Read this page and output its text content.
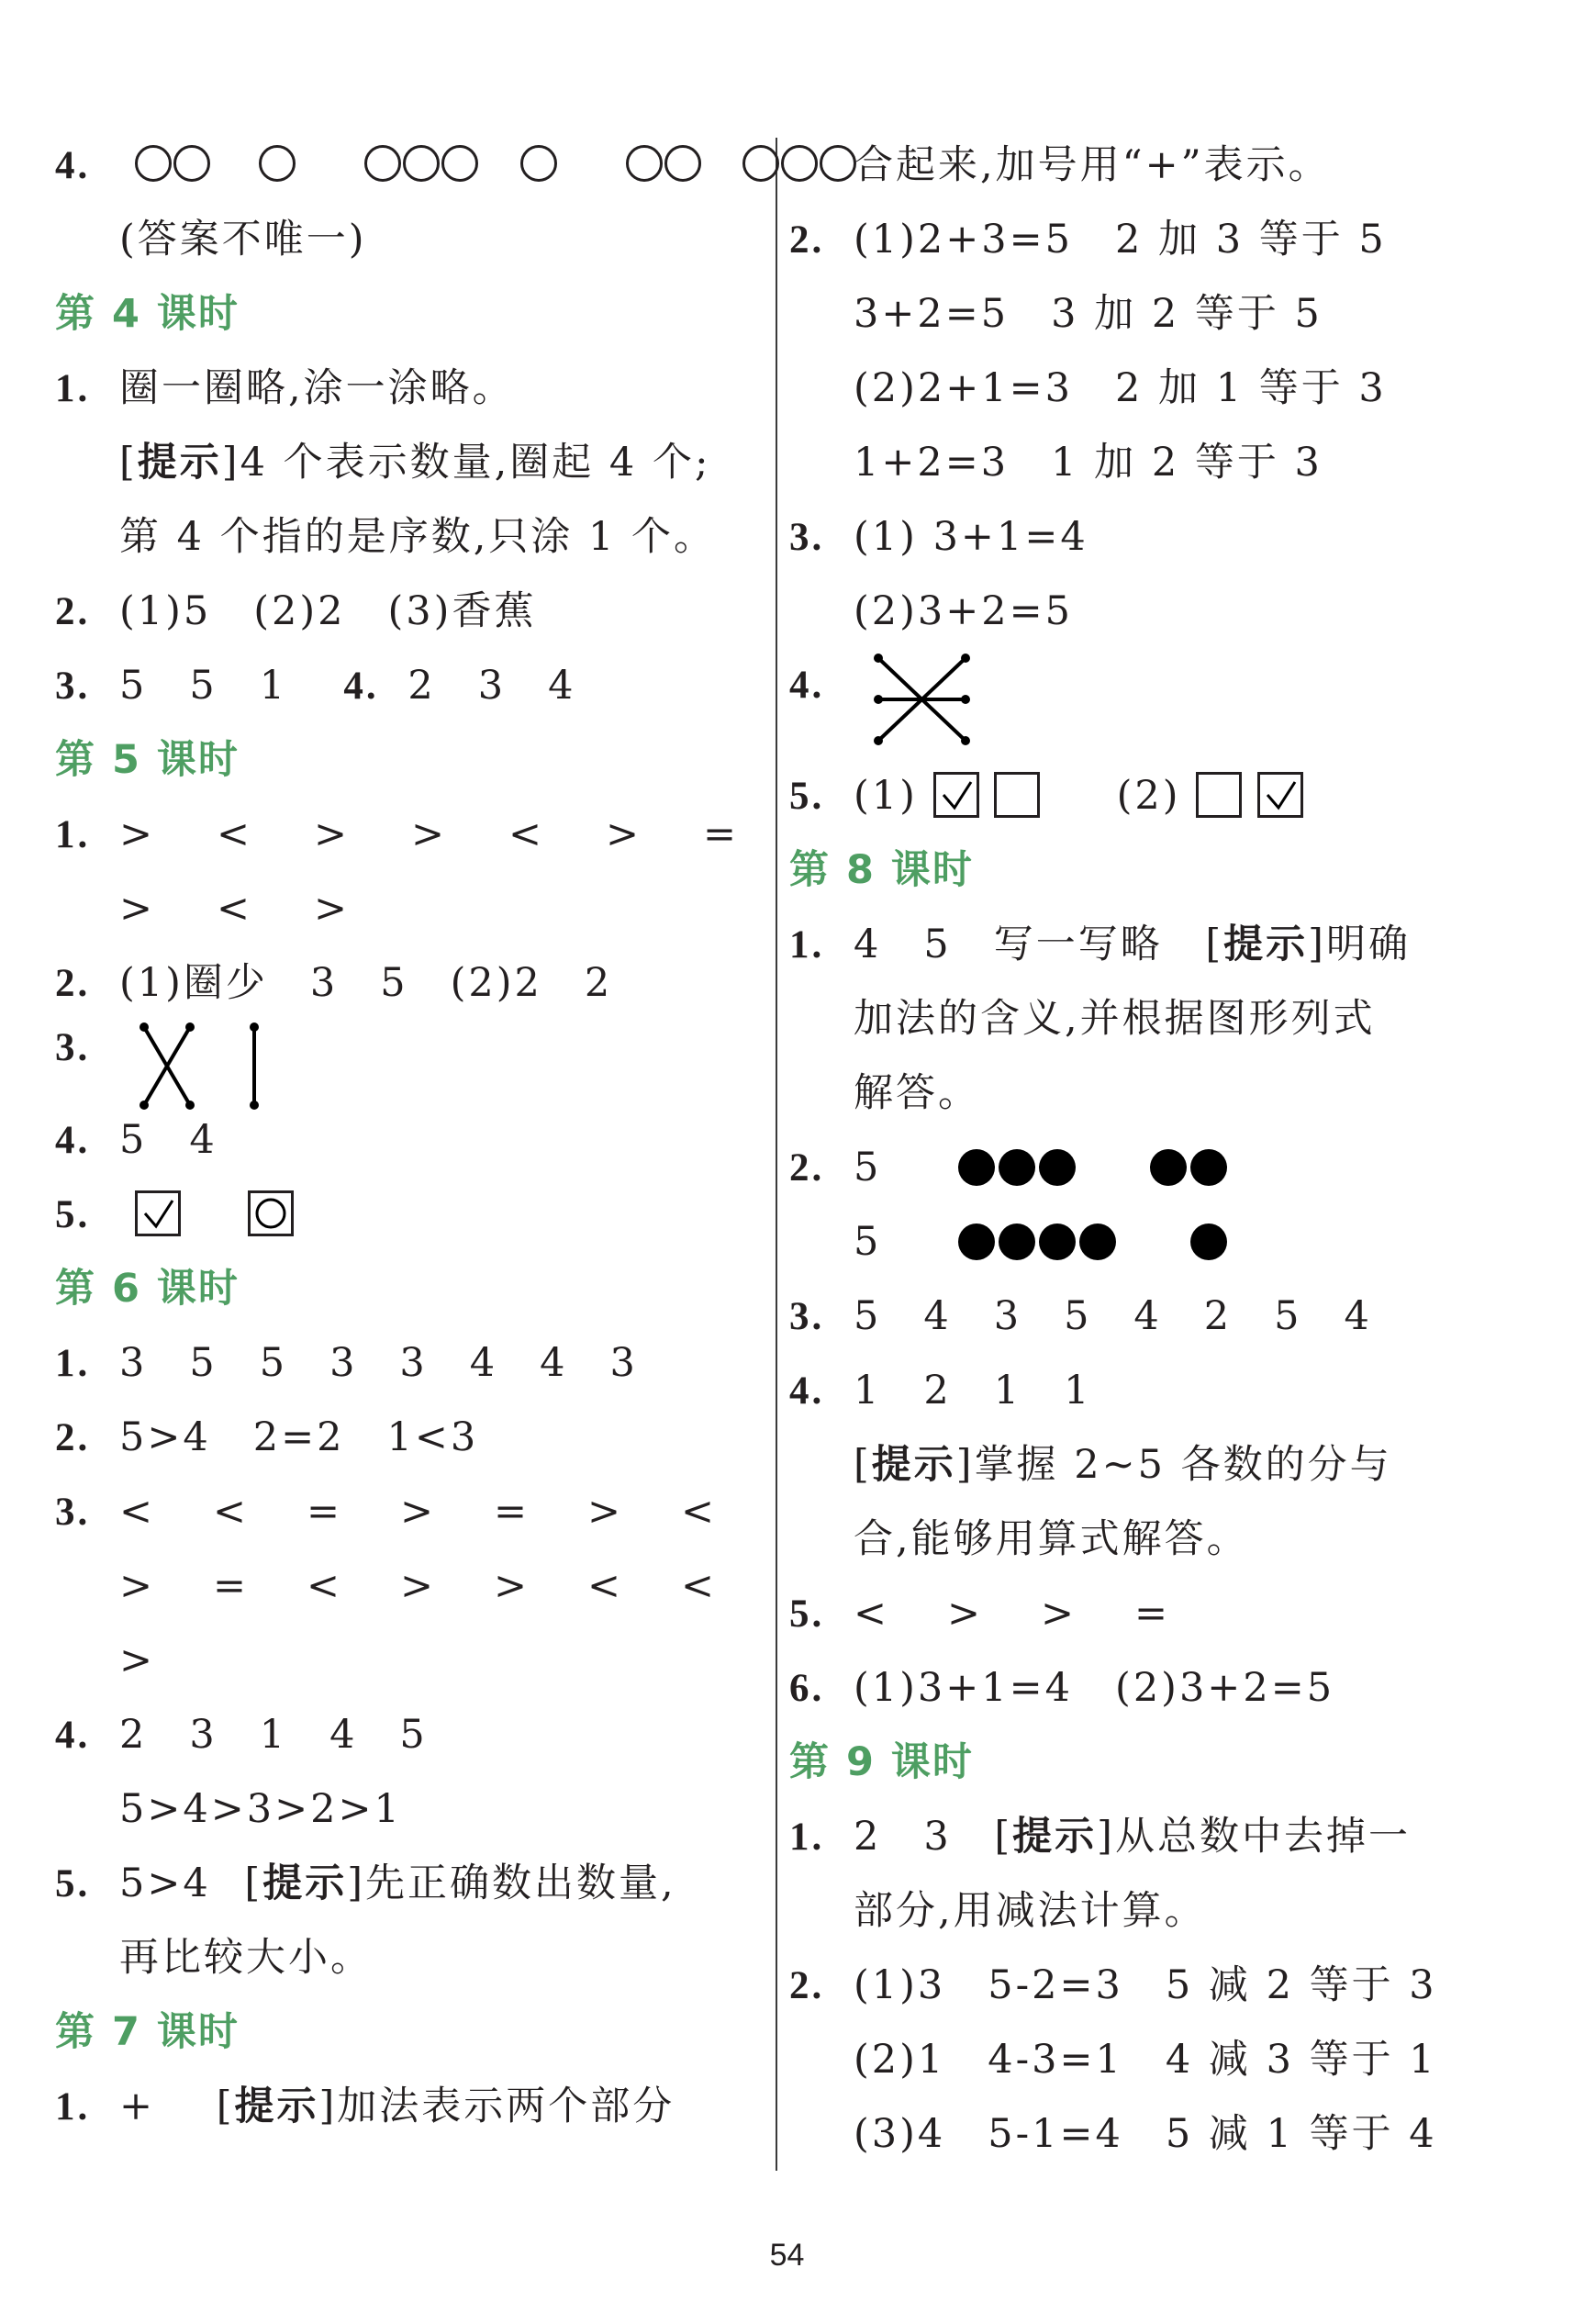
4.
(答案不唯一)
第 4 课时
1. 圈一圈略,涂一涂略。
[提示]4 个表示数量,圈起 4 个;
第 4 个指的是序数,只涂 1 个。
2. (1)5　(2)2　(3)香蕉
3. 5　5　1 4. 2　3　4
第 5 课时
1. > < > > < > =
> < >
2. (1)圈少　3　5　(2)2　2
3.
4. 5　4
5.

第 6 课时
1. 3　5　5　3　3　4　4　3
2. 5>4　2=2　1<3
3. < < = > = > <
> = < > > < <
>
4. 2　3　1　4　5
5>4>3>2>1
5. 5>4 [提示]先正确数出数量,
再比较大小。
第 7 课时
1. + [提示]加法表示两个部分
合起来,加号用“+”表示。
2. (1)2+3=5　2 加 3 等于 5
3+2=5　3 加 2 等于 5
(2)2+1=3　2 加 1 等于 3
1+2=3　1 加 2 等于 3
3. (1) 3+1=4
(2)3+2=5
4.
5. (1)	(2)
第 8 课时
1. 4　5　写一写略 [提示]明确
加法的含义,并根据图形列式
解答。
2. 5
5
3. 5　4　3　5　4　2　5　4
4. 1　2　1　1
[提示]掌握 2~5 各数的分与
合,能够用算式解答。
5. < > > =
6. (1)3+1=4　(2)3+2=5
第 9 课时
1. 2　3 [提示]从总数中去掉一
部分,用减法计算。
2. (1)3　5-2=3　5 减 2 等于 3
(2)1　4-3=1　4 减 3 等于 1
(3)4　5-1=4　5 减 1 等于 4
54
